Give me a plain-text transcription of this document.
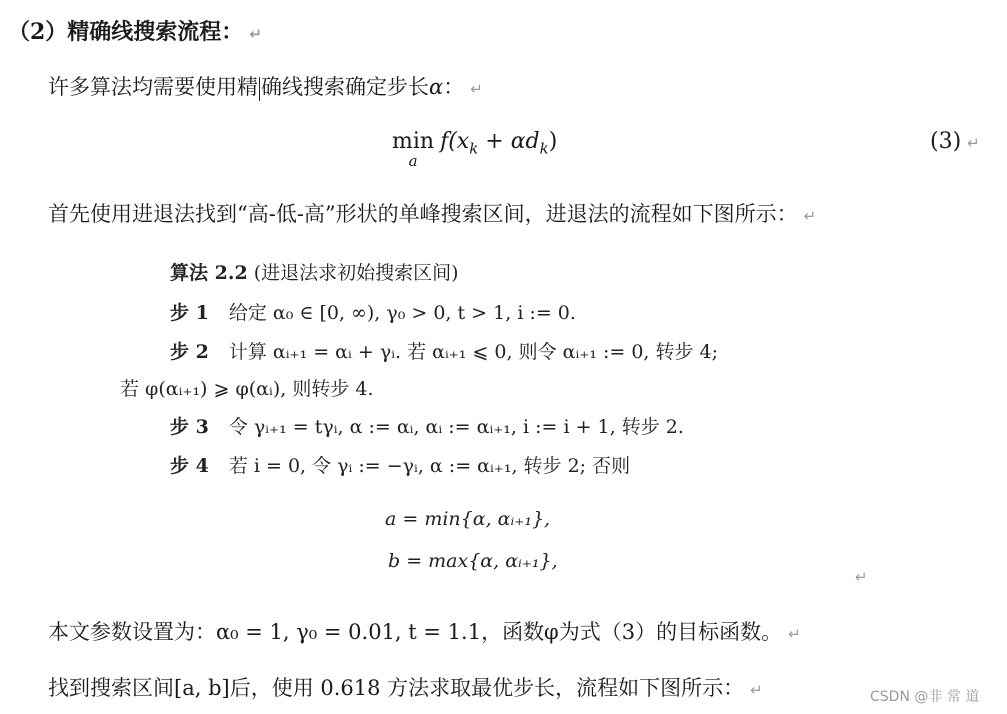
（2）精确线搜索流程： ↵
许多算法均需要使用精 确线搜索确定步长α： ↵
min
a
$f(x_k + \alpha d_k)$	(3) ↵
首先使用进退法找到“高-低-高”形状的单峰搜索区间，进退法的流程如下图所示： ↵
算法 2.2 (进退法求初始搜索区间)
步 1 给定 α₀ ∈ [0, ∞), γ₀ > 0, t > 1, i := 0.
步 2 计算 αᵢ₊₁ = αᵢ + γᵢ. 若 αᵢ₊₁ ⩽ 0, 则令 αᵢ₊₁ := 0, 转步 4;
若 φ(αᵢ₊₁) ⩾ φ(αᵢ), 则转步 4.
步 3 令 γᵢ₊₁ = tγᵢ, α := αᵢ, αᵢ := αᵢ₊₁, i := i + 1, 转步 2.
步 4 若 i = 0, 令 γᵢ := −γᵢ, α := αᵢ₊₁, 转步 2; 否则
a = min{α, αᵢ₊₁},
b = max{α, αᵢ₊₁},
↵
本文参数设置为：α₀ = 1, γ₀ = 0.01, t = 1.1，函数φ为式（3）的目标函数。 ↵
找到搜索区间[a, b]后，使用 0.618 方法求取最优步长，流程如下图所示： ↵	CSDN @非 常 道
